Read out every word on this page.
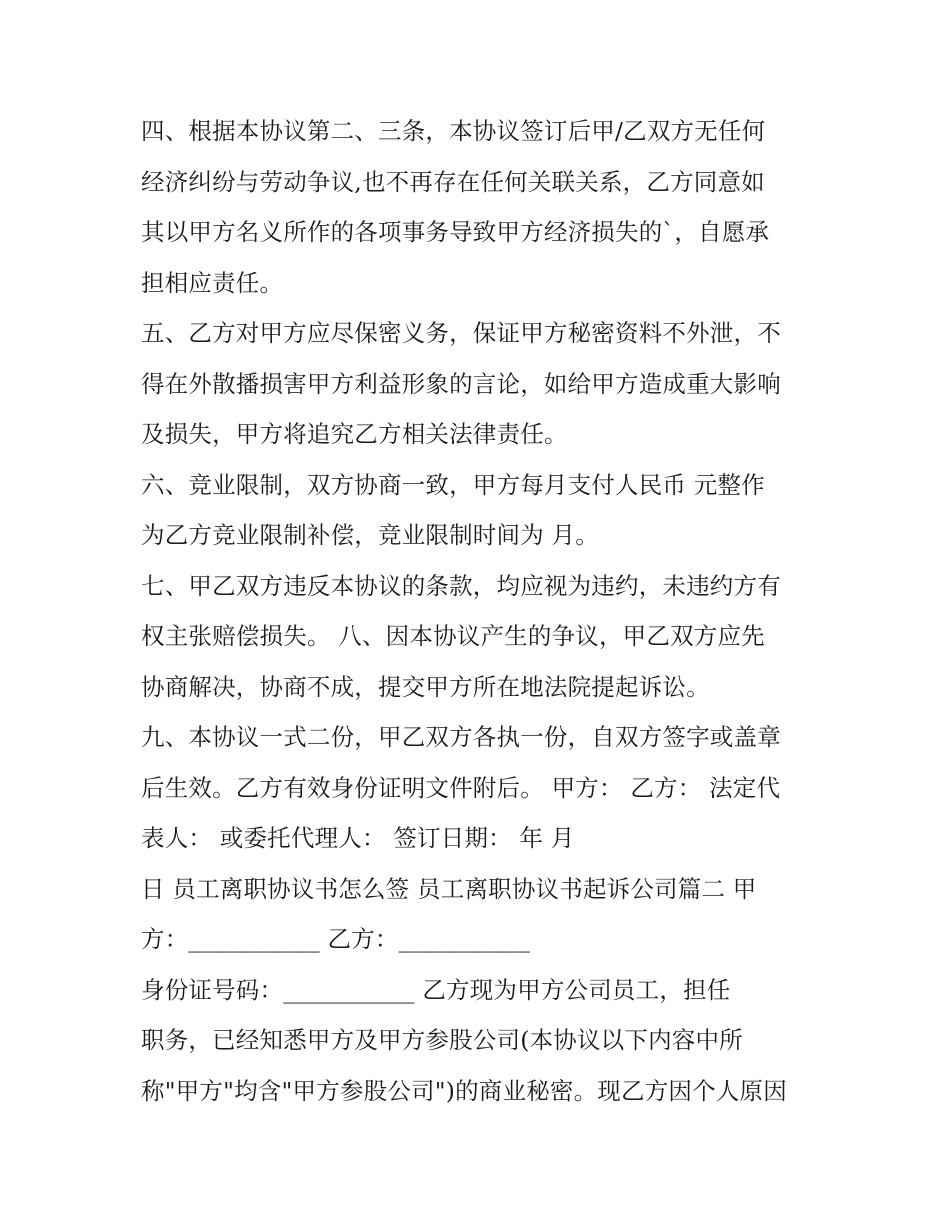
四、根据本协议第二、三条，本协议签订后甲/乙双方无任何
经济纠纷与劳动争议,也不再存在任何关联关系，乙方同意如
其以甲方名义所作的各项事务导致甲方经济损失的`，自愿承
担相应责任。
五、乙方对甲方应尽保密义务，保证甲方秘密资料不外泄，不
得在外散播损害甲方利益形象的言论，如给甲方造成重大影响
及损失，甲方将追究乙方相关法律责任。
六、竞业限制，双方协商一致，甲方每月支付人民币 元整作
为乙方竞业限制补偿，竞业限制时间为 月。
七、甲乙双方违反本协议的条款，均应视为违约，未违约方有
权主张赔偿损失。 八、因本协议产生的争议，甲乙双方应先
协商解决，协商不成，提交甲方所在地法院提起诉讼。
九、本协议一式二份，甲乙双方各执一份，自双方签字或盖章
后生效。乙方有效身份证明文件附后。 甲方： 乙方： 法定代
表人： 或委托代理人： 签订日期： 年 月
日 员工离职协议书怎么签 员工离职协议书起诉公司篇二 甲
方：___________ 乙方：___________
身份证号码：___________ 乙方现为甲方公司员工，担任
职务，已经知悉甲方及甲方参股公司(本协议以下内容中所
称"甲方"均含"甲方参股公司")的商业秘密。现乙方因个人原因
